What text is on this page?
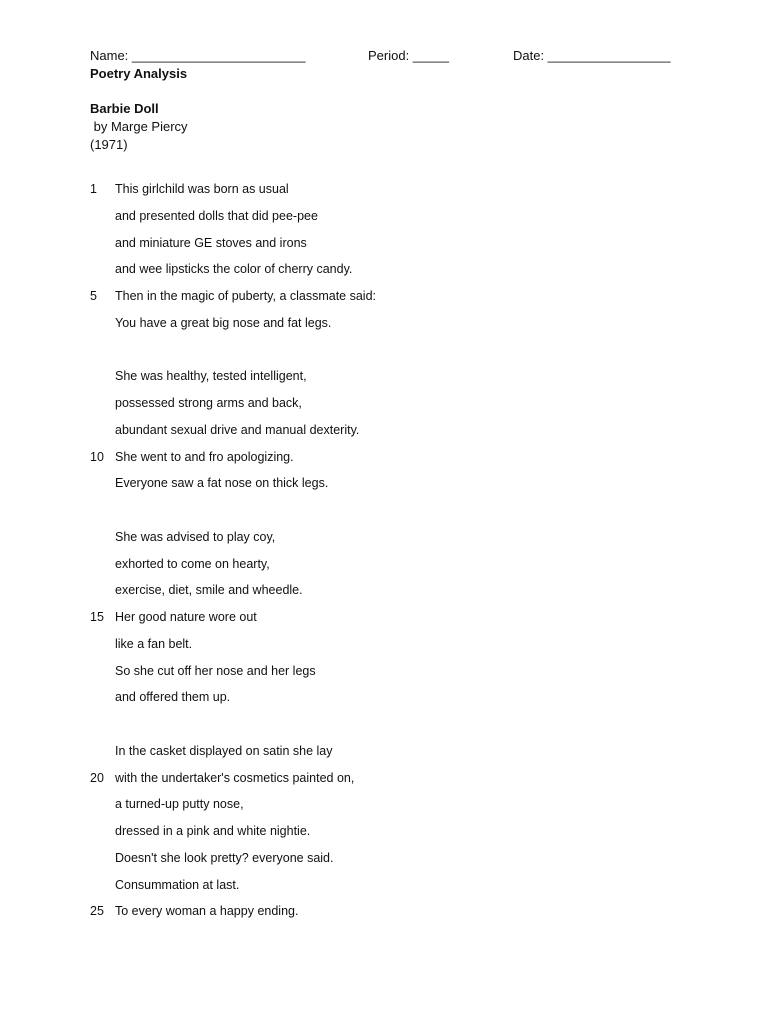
Name: ________________________	Period: _____	Date: _________________
Poetry Analysis
Barbie Doll
by Marge Piercy
(1971)
1 This girlchild was born as usual
and presented dolls that did pee-pee
and miniature GE stoves and irons
and wee lipsticks the color of cherry candy.
5 Then in the magic of puberty, a classmate said:
You have a great big nose and fat legs.
She was healthy, tested intelligent,
possessed strong arms and back,
abundant sexual drive and manual dexterity.
10 She went to and fro apologizing.
Everyone saw a fat nose on thick legs.
She was advised to play coy,
exhorted to come on hearty,
exercise, diet, smile and wheedle.
15 Her good nature wore out
like a fan belt.
So she cut off her nose and her legs
and offered them up.
In the casket displayed on satin she lay
20 with the undertaker's cosmetics painted on,
a turned-up putty nose,
dressed in a pink and white nightie.
Doesn't she look pretty? everyone said.
Consummation at last.
25 To every woman a happy ending.
